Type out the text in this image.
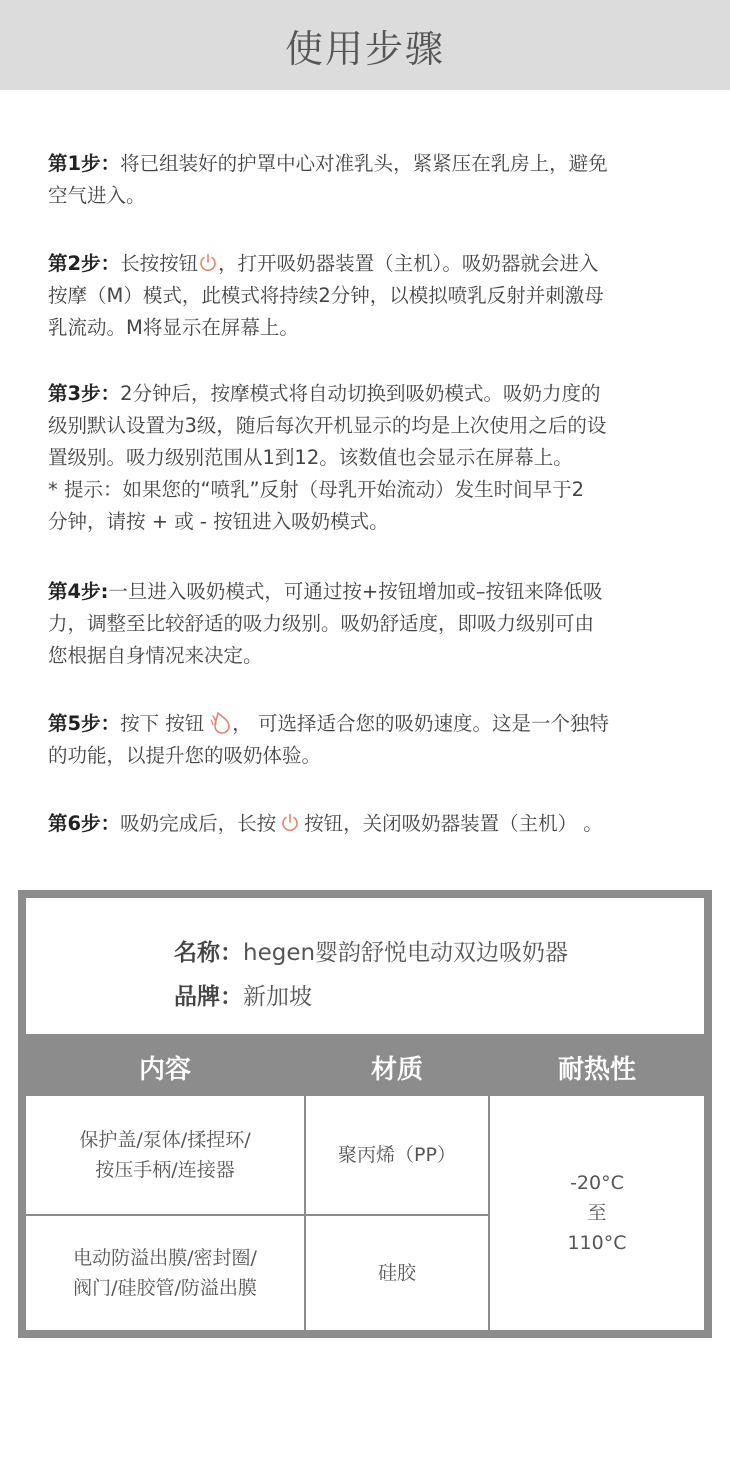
使用步骤
第1步：将已组装好的护罩中心对准乳头，紧紧压在乳房上，避免
空气进入。
第2步：长按按钮 ，打开吸奶器装置（主机）。吸奶器就会进入
按摩（M）模式，此模式将持续2分钟，以模拟喷乳反射并刺激母
乳流动。M将显示在屏幕上。
第3步：2分钟后，按摩模式将自动切换到吸奶模式。吸奶力度的
级别默认设置为3级，随后每次开机显示的均是上次使用之后的设
置级别。吸力级别范围从1到12。该数值也会显示在屏幕上。
* 提示：如果您的“喷乳”反射（母乳开始流动）发生时间早于2
分钟，请按 + 或 - 按钮进入吸奶模式。
第4步:一旦进入吸奶模式，可通过按+按钮增加或–按钮来降低吸
力，调整至比较舒适的吸力级别。吸奶舒适度，即吸力级别可由
您根据自身情况来决定。
第5步：按下 按钮 ， 可选择适合您的吸奶速度。这是一个独特
的功能，以提升您的吸奶体验。
第6步：吸奶完成后，长按 按钮，关闭吸奶器装置（主机） 。
名称：hegen婴韵舒悦电动双边吸奶器
品牌：新加坡
内容	材质	耐热性
保护盖/泵体/揉捏环/
按压手柄/连接器
聚丙烯（PP）
电动防溢出膜/密封圈/
阀门/硅胶管/防溢出膜
硅胶
-20°C
至
110°C
